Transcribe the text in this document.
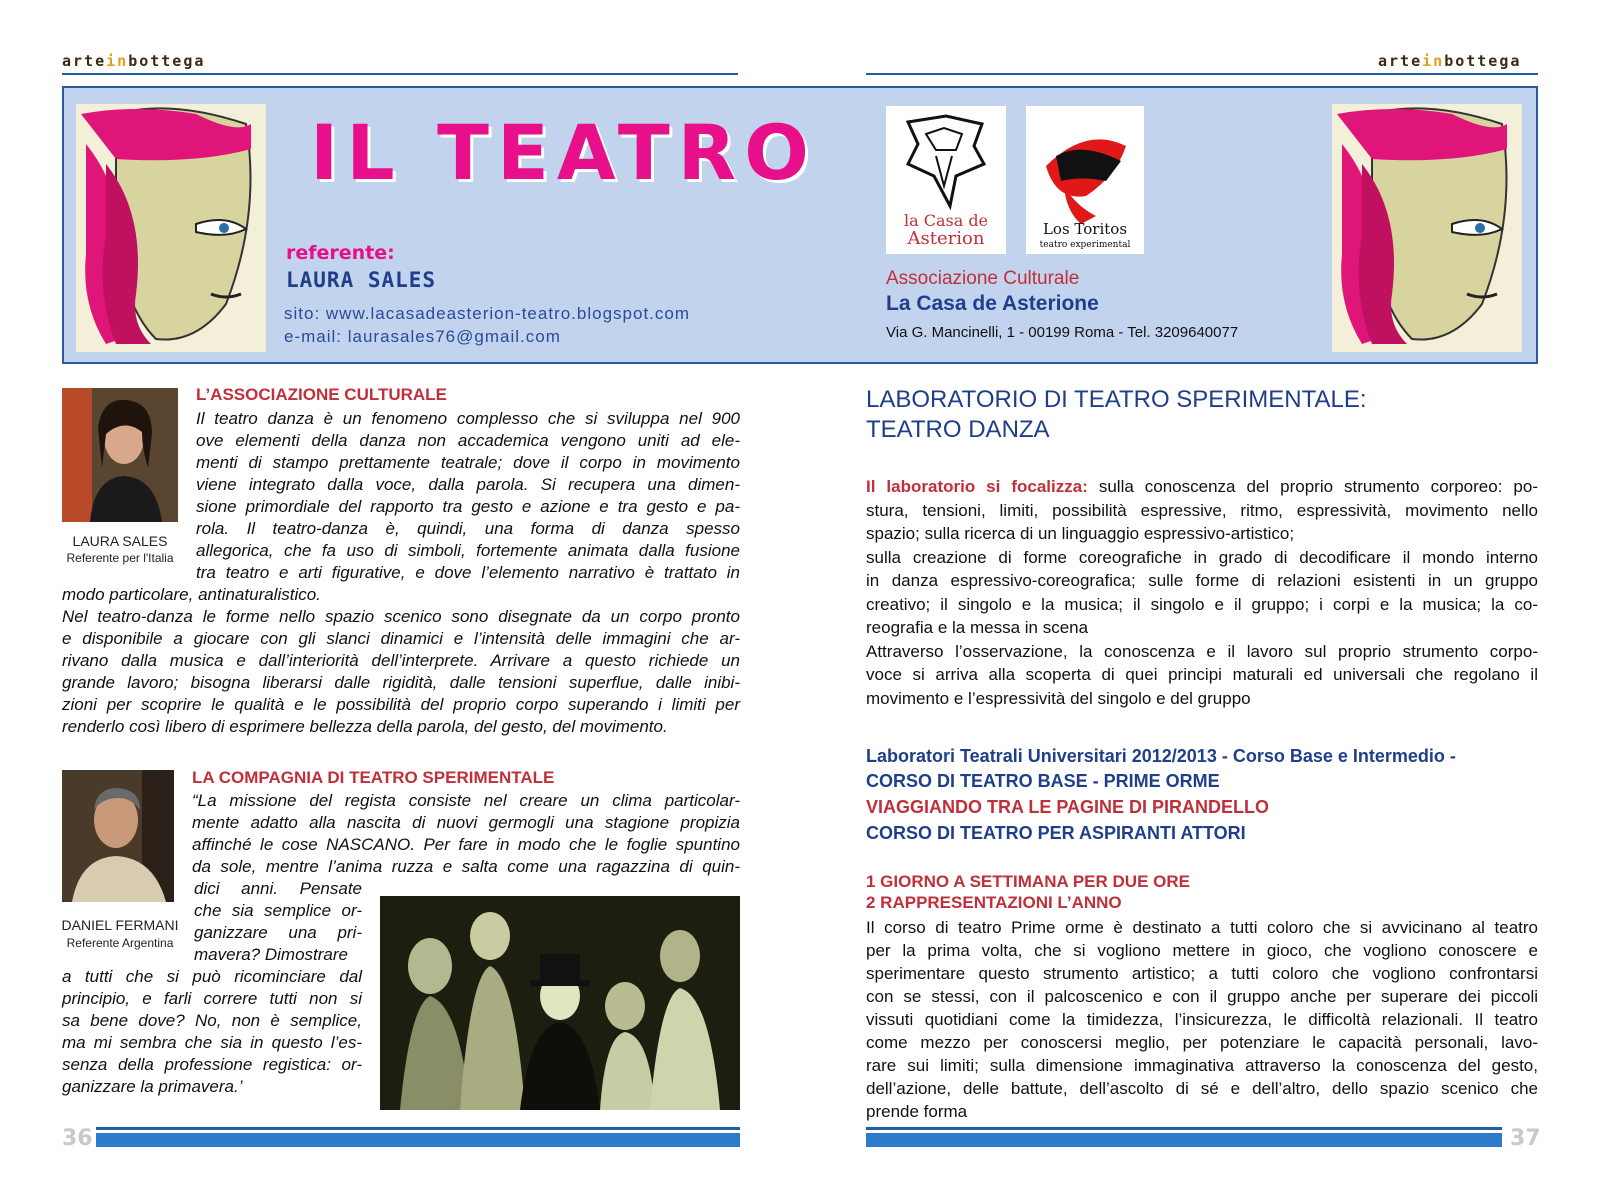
arteinbottega	arteinbottega
IL TEATRO
referente:
LAURA SALES
sito: www.lacasadeasterion-teatro.blogspot.com
e-mail: laurasales76@gmail.com
la Casa de
Asterion	Los Toritos
teatro experimental
Associazione Culturale
La Casa de Asterione
Via G. Mancinelli, 1 - 00199 Roma - Tel. 3209640077
LAURA SALES
Referente per l'Italia
L’ASSOCIAZIONE CULTURALE
Il teatro danza è un fenomeno complesso che si sviluppa nel 900
ove elementi della danza non accademica vengono uniti ad ele-
menti di stampo prettamente teatrale; dove il corpo in movimento
viene integrato dalla voce, dalla parola. Si recupera una dimen-
sione primordiale del rapporto tra gesto e azione e tra gesto e pa-
rola. Il teatro-danza è, quindi, una forma di danza spesso
allegorica, che fa uso di simboli, fortemente animata dalla fusione
tra teatro e arti figurative, e dove l’elemento narrativo è trattato in
modo particolare, antinaturalistico.
Nel teatro-danza le forme nello spazio scenico sono disegnate da un corpo pronto
e disponibile a giocare con gli slanci dinamici e l’intensità delle immagini che ar-
rivano dalla musica e dall’interiorità dell’interprete. Arrivare a questo richiede un
grande lavoro; bisogna liberarsi dalle rigidità, dalle tensioni superflue, dalle inibi-
zioni per scoprire le qualità e le possibilità del proprio corpo superando i limiti per
renderlo così libero di esprimere bellezza della parola, del gesto, del movimento.
DANIEL FERMANI
Referente Argentina
LA COMPAGNIA DI TEATRO SPERIMENTALE
“La missione del regista consiste nel creare un clima particolar-
mente adatto alla nascita di nuovi germogli una stagione propizia
affinché le cose NASCANO. Per fare in modo che le foglie spuntino
da sole, mentre l’anima ruzza e salta come una ragazzina di quin-
dici anni. Pensate
che sia semplice or-
ganizzare una pri-
mavera? Dimostrare
a tutti che si può ricominciare dal
principio, e farli correre tutti non si
sa bene dove? No, non è semplice,
ma mi sembra che sia in questo l’es-
senza della professione registica: or-
ganizzare la primavera.’
LABORATORIO DI TEATRO SPERIMENTALE:
TEATRO DANZA
Il laboratorio si focalizza: sulla conoscenza del proprio strumento corporeo: po-
stura, tensioni, limiti, possibilità espressive, ritmo, espressività, movimento nello
spazio; sulla ricerca di un linguaggio espressivo-artistico;
sulla creazione di forme coreografiche in grado di decodificare il mondo interno
in danza espressivo-coreografica; sulle forme di relazioni esistenti in un gruppo
creativo; il singolo e la musica; il singolo e il gruppo; i corpi e la musica; la co-
reografia e la messa in scena
Attraverso l’osservazione, la conoscenza e il lavoro sul proprio strumento corpo-
voce si arriva alla scoperta di quei principi maturali ed universali che regolano il
movimento e l’espressività del singolo e del gruppo
Laboratori Teatrali Universitari 2012/2013 - Corso Base e Intermedio -
CORSO DI TEATRO BASE - PRIME ORME
VIAGGIANDO TRA LE PAGINE DI PIRANDELLO
CORSO DI TEATRO PER ASPIRANTI ATTORI
1 GIORNO A SETTIMANA PER DUE ORE
2 RAPPRESENTAZIONI L’ANNO
Il corso di teatro Prime orme è destinato a tutti coloro che si avvicinano al teatro
per la prima volta, che si vogliono mettere in gioco, che vogliono conoscere e
sperimentare questo strumento artistico; a tutti coloro che vogliono confrontarsi
con se stessi, con il palcoscenico e con il gruppo anche per superare dei piccoli
vissuti quotidiani come la timidezza, l’insicurezza, le difficoltà relazionali. Il teatro
come mezzo per conoscersi meglio, per potenziare le capacità personali, lavo-
rare sui limiti; sulla dimensione immaginativa attraverso la conoscenza del gesto,
dell’azione, delle battute, dell’ascolto di sé e dell’altro, dello spazio scenico che
prende forma
36	37
